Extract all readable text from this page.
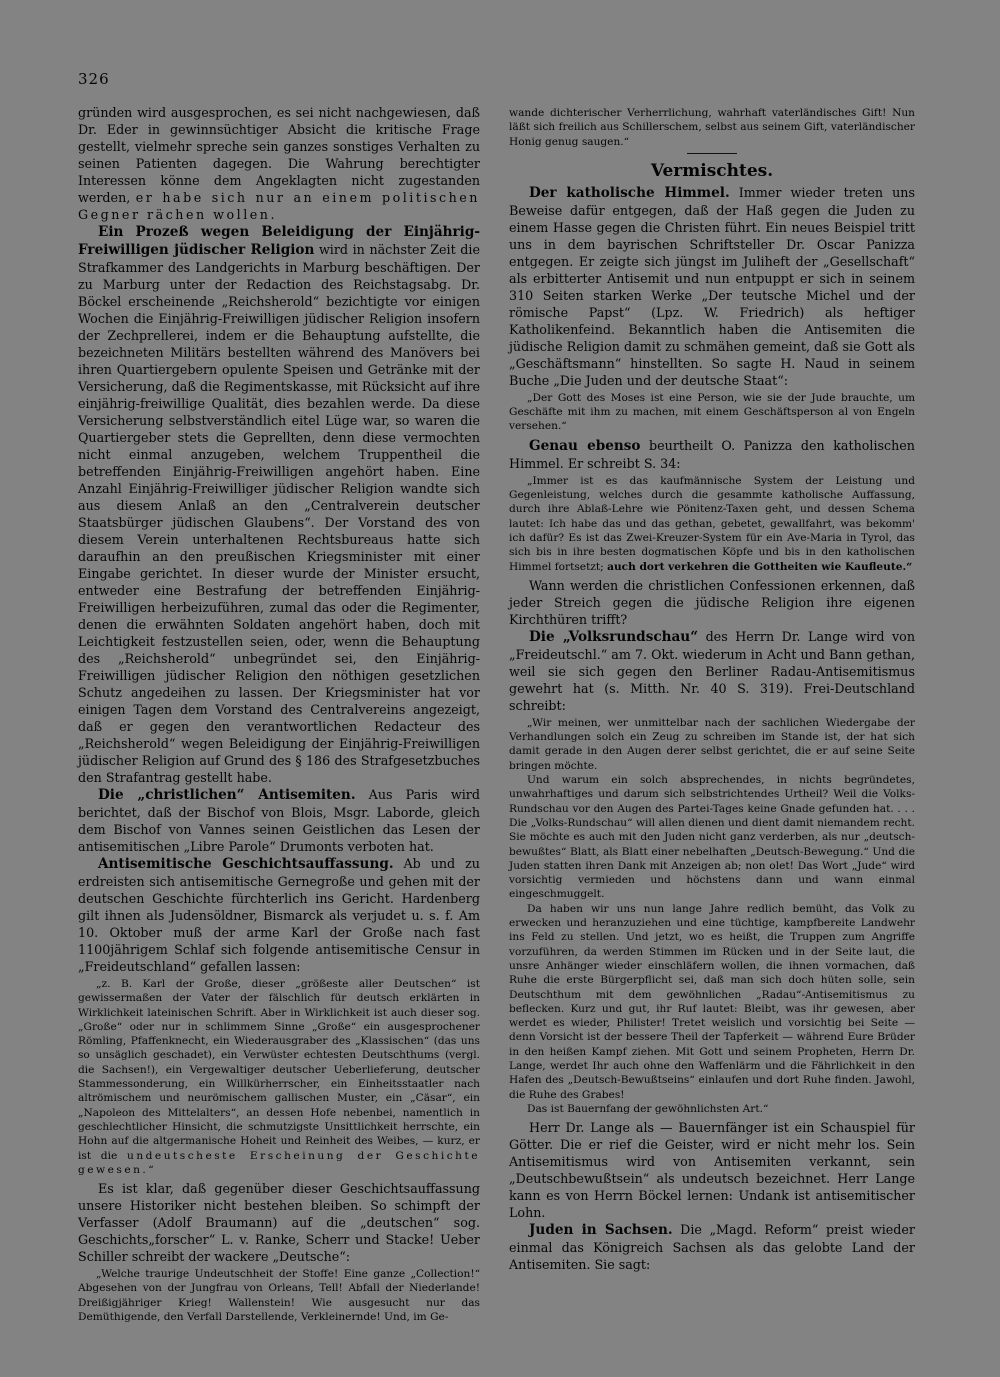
326

gründen wird ausgesprochen, es sei nicht nachgewiesen, daß Dr. Eder in gewinnsüchtiger Absicht die kritische Frage gestellt, vielmehr spreche sein ganzes sonstiges Verhalten zu seinen Patienten dagegen. Die Wahrung berechtigter Interessen könne dem Angeklagten nicht zugestanden werden, er habe sich nur an einem politischen Gegner rächen wollen.

Ein Prozeß wegen Beleidigung der Einjährig-Freiwilligen jüdischer Religion wird in nächster Zeit die Strafkammer des Landgerichts in Marburg beschäftigen. Der zu Marburg unter der Redaction des Reichstagsabg. Dr. Böckel erscheinende „Reichsherold“ bezichtigte vor einigen Wochen die Einjährig-Freiwilligen jüdischer Religion insofern der Zechprellerei, indem er die Behauptung aufstellte, die bezeichneten Militärs bestellten während des Manövers bei ihren Quartiergebern opulente Speisen und Getränke mit der Versicherung, daß die Regimentskasse, mit Rücksicht auf ihre einjährig-freiwillige Qualität, dies bezahlen werde. Da diese Versicherung selbstverständlich eitel Lüge war, so waren die Quartiergeber stets die Geprellten, denn diese vermochten nicht einmal anzugeben, welchem Truppentheil die betreffenden Einjährig-Freiwilligen angehört haben. Eine Anzahl Einjährig-Freiwilliger jüdischer Religion wandte sich aus diesem Anlaß an den „Centralverein deutscher Staatsbürger jüdischen Glaubens“. Der Vorstand des von diesem Verein unterhaltenen Rechtsbureaus hatte sich daraufhin an den preußischen Kriegsminister mit einer Eingabe gerichtet. In dieser wurde der Minister ersucht, entweder eine Bestrafung der betreffenden Einjährig-Freiwilligen herbeizuführen, zumal das oder die Regimenter, denen die erwähnten Soldaten angehört haben, doch mit Leichtigkeit festzustellen seien, oder, wenn die Behauptung des „Reichsherold“ unbegründet sei, den Einjährig-Freiwilligen jüdischer Religion den nöthigen gesetzlichen Schutz angedeihen zu lassen. Der Kriegsminister hat vor einigen Tagen dem Vorstand des Centralvereins angezeigt, daß er gegen den verantwortlichen Redacteur des „Reichsherold“ wegen Beleidigung der Einjährig-Freiwilligen jüdischer Religion auf Grund des § 186 des Strafgesetzbuches den Strafantrag gestellt habe.

Die „christlichen“ Antisemiten. Aus Paris wird berichtet, daß der Bischof von Blois, Msgr. Laborde, gleich dem Bischof von Vannes seinen Geistlichen das Lesen der antisemitischen „Libre Parole“ Drumonts verboten hat.

Antisemitische Geschichtsauffassung. Ab und zu erdreisten sich antisemitische Gernegroße und gehen mit der deutschen Geschichte fürchterlich ins Gericht. Hardenberg gilt ihnen als Judensöldner, Bismarck als verjudet u. s. f. Am 10. Oktober muß der arme Karl der Große nach fast 1100jährigem Schlaf sich folgende antisemitische Censur in „Freideutschland“ gefallen lassen:

„z. B. Karl der Große, dieser „größeste aller Deutschen“ ist gewissermaßen der Vater der fälschlich für deutsch erklärten in Wirklichkeit lateinischen Schrift. Aber in Wirklichkeit ist auch dieser sog. „Große“ oder nur in schlimmem Sinne „Große“ ein ausgesprochener Römling, Pfaffenknecht, ein Wiederausgraber des „Klassischen“ (das uns so unsäglich geschadet), ein Verwüster echtesten Deutschthums (vergl. die Sachsen!), ein Vergewaltiger deutscher Ueberlieferung, deutscher Stammessonderung, ein Willkürherrscher, ein Einheitsstaatler nach altrömischem und neurömischem gallischen Muster, ein „Cäsar“, ein „Napoleon des Mittelalters“, an dessen Hofe nebenbei, namentlich in geschlechtlicher Hinsicht, die schmutzigste Unsittlichkeit herrschte, ein Hohn auf die altgermanische Hoheit und Reinheit des Weibes, — kurz, er ist die undeutscheste Erscheinung der Geschichte gewesen.“

Es ist klar, daß gegenüber dieser Geschichtsauffassung unsere Historiker nicht bestehen bleiben. So schimpft der Verfasser (Adolf Braumann) auf die „deutschen“ sog. Geschichts„forscher“ L. v. Ranke, Scherr und Stacke! Ueber Schiller schreibt der wackere „Deutsche“:

„Welche traurige Undeutschheit der Stoffe! Eine ganze „Collection!“ Abgesehen von der Jungfrau von Orleans, Tell! Abfall der Niederlande! Dreißigjähriger Krieg! Wallenstein! Wie ausgesucht nur das Demüthigende, den Verfall Darstellende, Verkleinernde! Und, im Ge-

wande dichterischer Verherrlichung, wahrhaft vaterländisches Gift! Nun läßt sich freilich aus Schillerschem, selbst aus seinem Gift, vaterländischer Honig genug saugen.“

Vermischtes.

Der katholische Himmel. Immer wieder treten uns Beweise dafür entgegen, daß der Haß gegen die Juden zu einem Hasse gegen die Christen führt. Ein neues Beispiel tritt uns in dem bayrischen Schriftsteller Dr. Oscar Panizza entgegen. Er zeigte sich jüngst im Juliheft der „Gesellschaft“ als erbitterter Antisemit und nun entpuppt er sich in seinem 310 Seiten starken Werke „Der teutsche Michel und der römische Papst“ (Lpz. W. Friedrich) als heftiger Katholikenfeind. Bekanntlich haben die Antisemiten die jüdische Religion damit zu schmähen gemeint, daß sie Gott als „Geschäftsmann“ hinstellten. So sagte H. Naud in seinem Buche „Die Juden und der deutsche Staat“:

„Der Gott des Moses ist eine Person, wie sie der Jude brauchte, um Geschäfte mit ihm zu machen, mit einem Geschäftsperson al von Engeln versehen.“

Genau ebenso beurtheilt O. Panizza den katholischen Himmel. Er schreibt S. 34:

„Immer ist es das kaufmännische System der Leistung und Gegenleistung, welches durch die gesammte katholische Auffassung, durch ihre Ablaß-Lehre wie Pönitenz-Taxen geht, und dessen Schema lautet: Ich habe das und das gethan, gebetet, gewallfahrt, was bekomm' ich dafür? Es ist das Zwei-Kreuzer-System für ein Ave-Maria in Tyrol, das sich bis in ihre besten dogmatischen Köpfe und bis in den katholischen Himmel fortsetzt; auch dort verkehren die Gottheiten wie Kaufleute.“

Wann werden die christlichen Confessionen erkennen, daß jeder Streich gegen die jüdische Religion ihre eigenen Kirchthüren trifft?

Die „Volksrundschau“ des Herrn Dr. Lange wird von „Freideutschl.“ am 7. Okt. wiederum in Acht und Bann gethan, weil sie sich gegen den Berliner Radau-Antisemitismus gewehrt hat (s. Mitth. Nr. 40 S. 319). Frei-Deutschland schreibt:

„Wir meinen, wer unmittelbar nach der sachlichen Wiedergabe der Verhandlungen solch ein Zeug zu schreiben im Stande ist, der hat sich damit gerade in den Augen derer selbst gerichtet, die er auf seine Seite bringen möchte.

Und warum ein solch absprechendes, in nichts begründetes, unwahrhaftiges und darum sich selbstrichtendes Urtheil? Weil die Volks-Rundschau vor den Augen des Partei-Tages keine Gnade gefunden hat. . . . Die „Volks-Rundschau“ will allen dienen und dient damit niemandem recht. Sie möchte es auch mit den Juden nicht ganz verderben, als nur „deutsch-bewußtes“ Blatt, als Blatt einer nebelhaften „Deutsch-Bewegung.“ Und die Juden statten ihren Dank mit Anzeigen ab; non olet! Das Wort „Jude“ wird vorsichtig vermieden und höchstens dann und wann einmal eingeschmuggelt.

Da haben wir uns nun lange Jahre redlich bemüht, das Volk zu erwecken und heranzuziehen und eine tüchtige, kampfbereite Landwehr ins Feld zu stellen. Und jetzt, wo es heißt, die Truppen zum Angriffe vorzuführen, da werden Stimmen im Rücken und in der Seite laut, die unsre Anhänger wieder einschläfern wollen, die ihnen vormachen, daß Ruhe die erste Bürgerpflicht sei, daß man sich doch hüten solle, sein Deutschthum mit dem gewöhnlichen „Radau“-Antisemitismus zu beflecken. Kurz und gut, ihr Ruf lautet: Bleibt, was ihr gewesen, aber werdet es wieder, Philister! Tretet weislich und vorsichtig bei Seite — denn Vorsicht ist der bessere Theil der Tapferkeit — während Eure Brüder in den heißen Kampf ziehen. Mit Gott und seinem Propheten, Herrn Dr. Lange, werdet Ihr auch ohne den Waffenlärm und die Fährlichkeit in den Hafen des „Deutsch-Bewußtseins“ einlaufen und dort Ruhe finden. Jawohl, die Ruhe des Grabes!

Das ist Bauernfang der gewöhnlichsten Art.“

Herr Dr. Lange als — Bauernfänger ist ein Schauspiel für Götter. Die er rief die Geister, wird er nicht mehr los. Sein Antisemitismus wird von Antisemiten verkannt, sein „Deutschbewußtsein“ als undeutsch bezeichnet. Herr Lange kann es von Herrn Böckel lernen: Undank ist antisemitischer Lohn.

Juden in Sachsen. Die „Magd. Reform“ preist wieder einmal das Königreich Sachsen als das gelobte Land der Antisemiten. Sie sagt:
